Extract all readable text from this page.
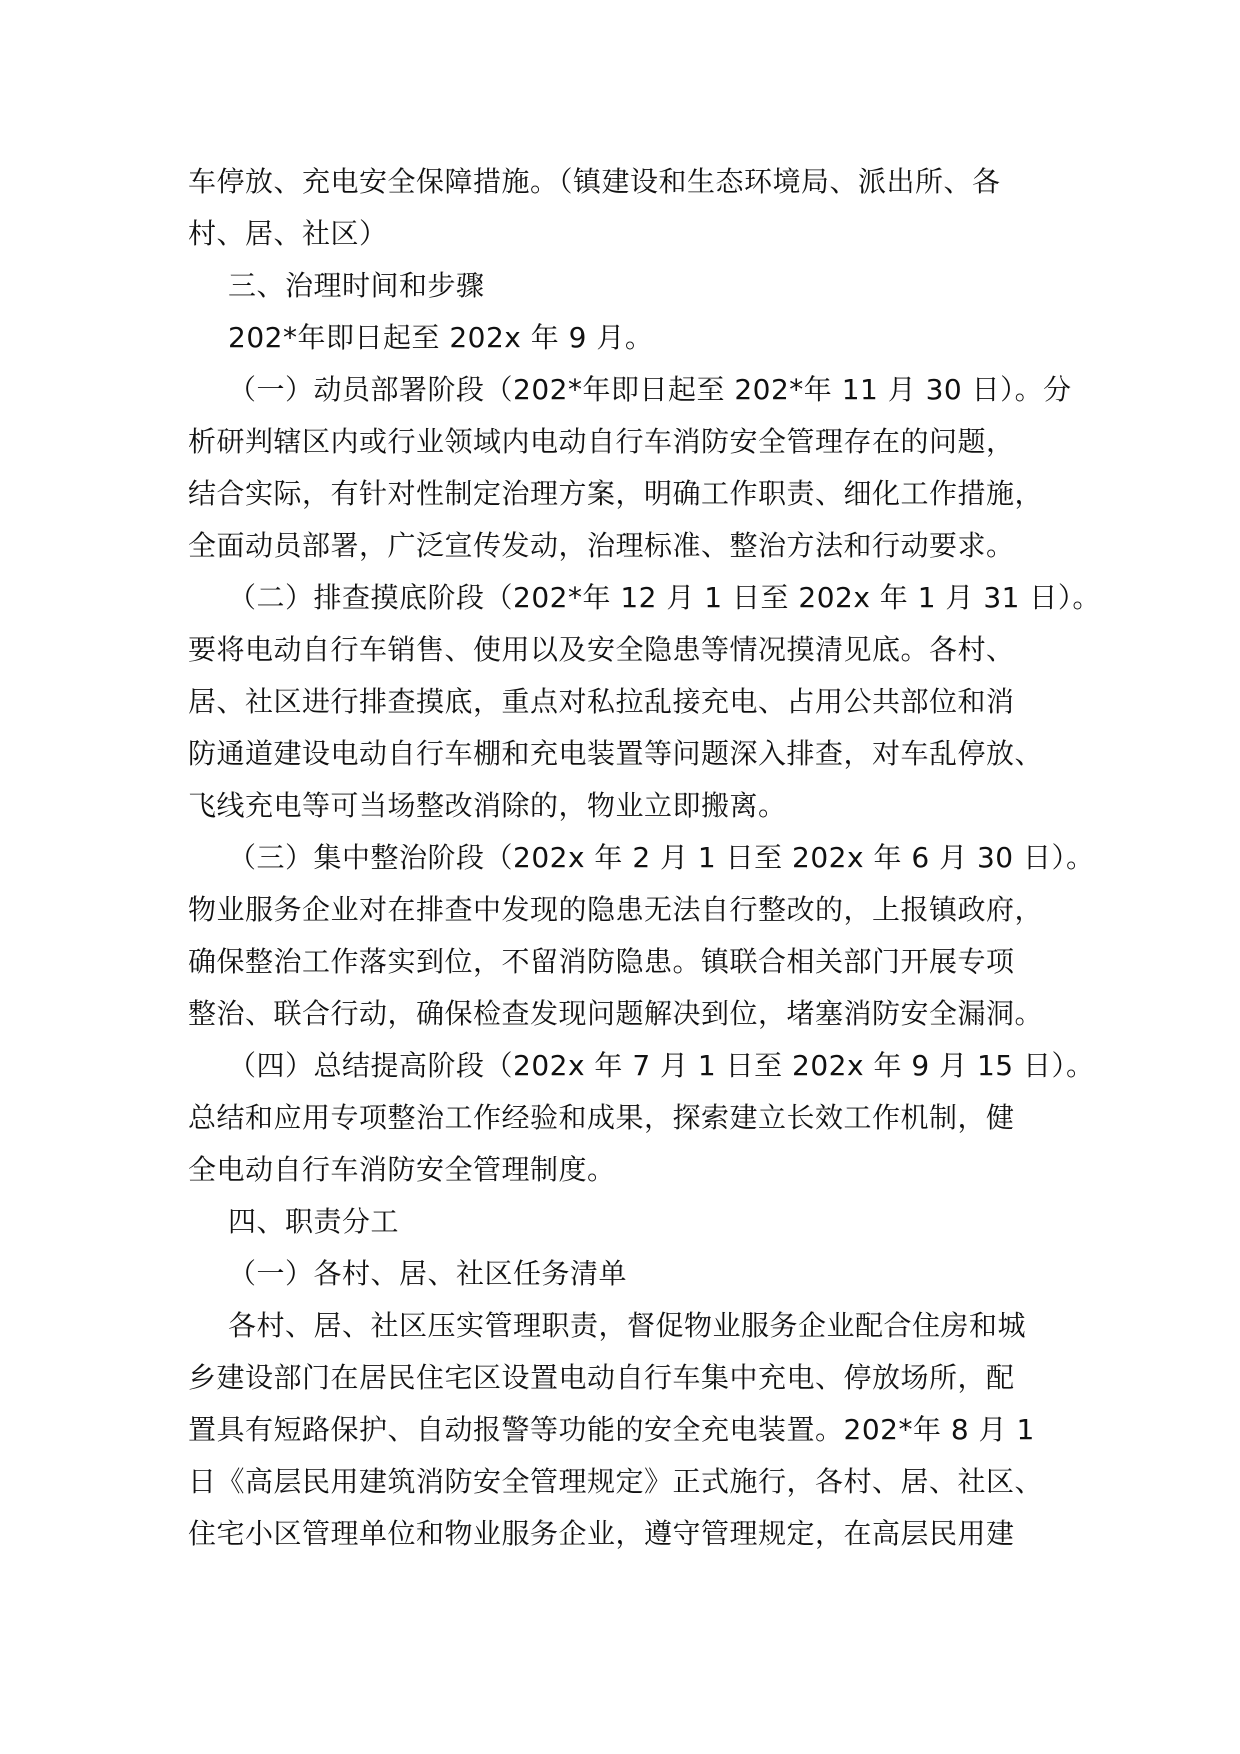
车停放、充电安全保障措施。（镇建设和生态环境局、派出所、各
村、居、社区）
三、治理时间和步骤
202*年即日起至 202x 年 9 月。
（一）动员部署阶段（202*年即日起至 202*年 11 月 30 日）。分
析研判辖区内或行业领域内电动自行车消防安全管理存在的问题，
结合实际，有针对性制定治理方案，明确工作职责、细化工作措施，
全面动员部署，广泛宣传发动，治理标准、整治方法和行动要求。
（二）排查摸底阶段（202*年 12 月 1 日至 202x 年 1 月 31 日）。
要将电动自行车销售、使用以及安全隐患等情况摸清见底。各村、
居、社区进行排查摸底，重点对私拉乱接充电、占用公共部位和消
防通道建设电动自行车棚和充电装置等问题深入排查，对车乱停放、
飞线充电等可当场整改消除的，物业立即搬离。
（三）集中整治阶段（202x 年 2 月 1 日至 202x 年 6 月 30 日）。
物业服务企业对在排查中发现的隐患无法自行整改的，上报镇政府，
确保整治工作落实到位，不留消防隐患。镇联合相关部门开展专项
整治、联合行动，确保检查发现问题解决到位，堵塞消防安全漏洞。
（四）总结提高阶段（202x 年 7 月 1 日至 202x 年 9 月 15 日）。
总结和应用专项整治工作经验和成果，探索建立长效工作机制，健
全电动自行车消防安全管理制度。
四、职责分工
（一）各村、居、社区任务清单
各村、居、社区压实管理职责，督促物业服务企业配合住房和城
乡建设部门在居民住宅区设置电动自行车集中充电、停放场所，配
置具有短路保护、自动报警等功能的安全充电装置。202*年 8 月 1
日《高层民用建筑消防安全管理规定》正式施行，各村、居、社区、
住宅小区管理单位和物业服务企业，遵守管理规定，在高层民用建
